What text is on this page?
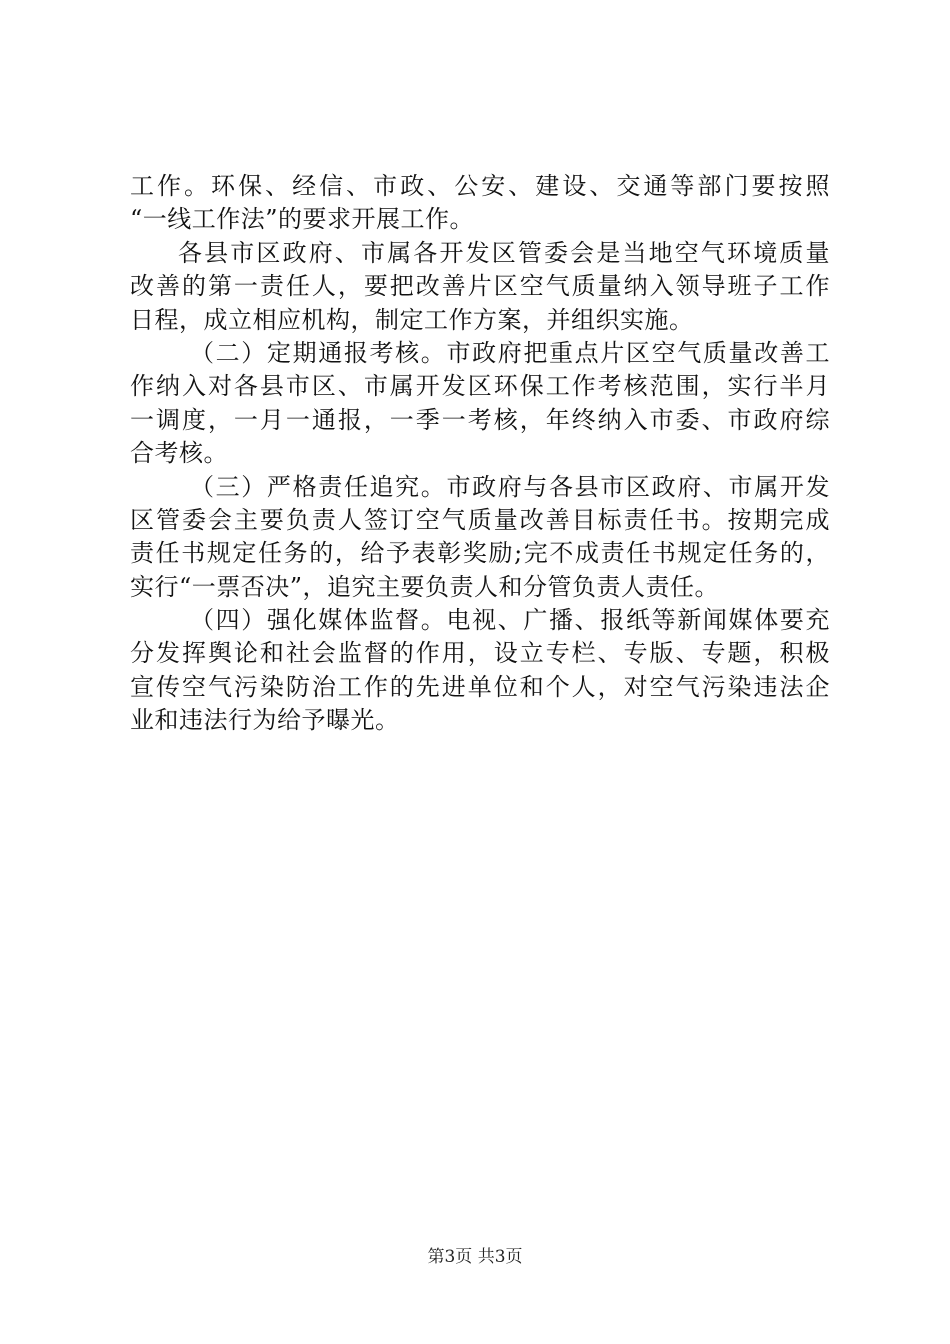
工作。环保、经信、市政、公安、建设、交通等部门要按照
“一线工作法”的要求开展工作。
各县市区政府、市属各开发区管委会是当地空气环境质量
改善的第一责任人，要把改善片区空气质量纳入领导班子工作
日程，成立相应机构，制定工作方案，并组织实施。
（二）定期通报考核。市政府把重点片区空气质量改善工
作纳入对各县市区、市属开发区环保工作考核范围，实行半月
一调度，一月一通报，一季一考核，年终纳入市委、市政府综
合考核。
（三）严格责任追究。市政府与各县市区政府、市属开发
区管委会主要负责人签订空气质量改善目标责任书。按期完成
责任书规定任务的，给予表彰奖励;完不成责任书规定任务的，
实行“一票否决”，追究主要负责人和分管负责人责任。
（四）强化媒体监督。电视、广播、报纸等新闻媒体要充
分发挥舆论和社会监督的作用，设立专栏、专版、专题，积极
宣传空气污染防治工作的先进单位和个人，对空气污染违法企
业和违法行为给予曝光。
第3页 共3页
